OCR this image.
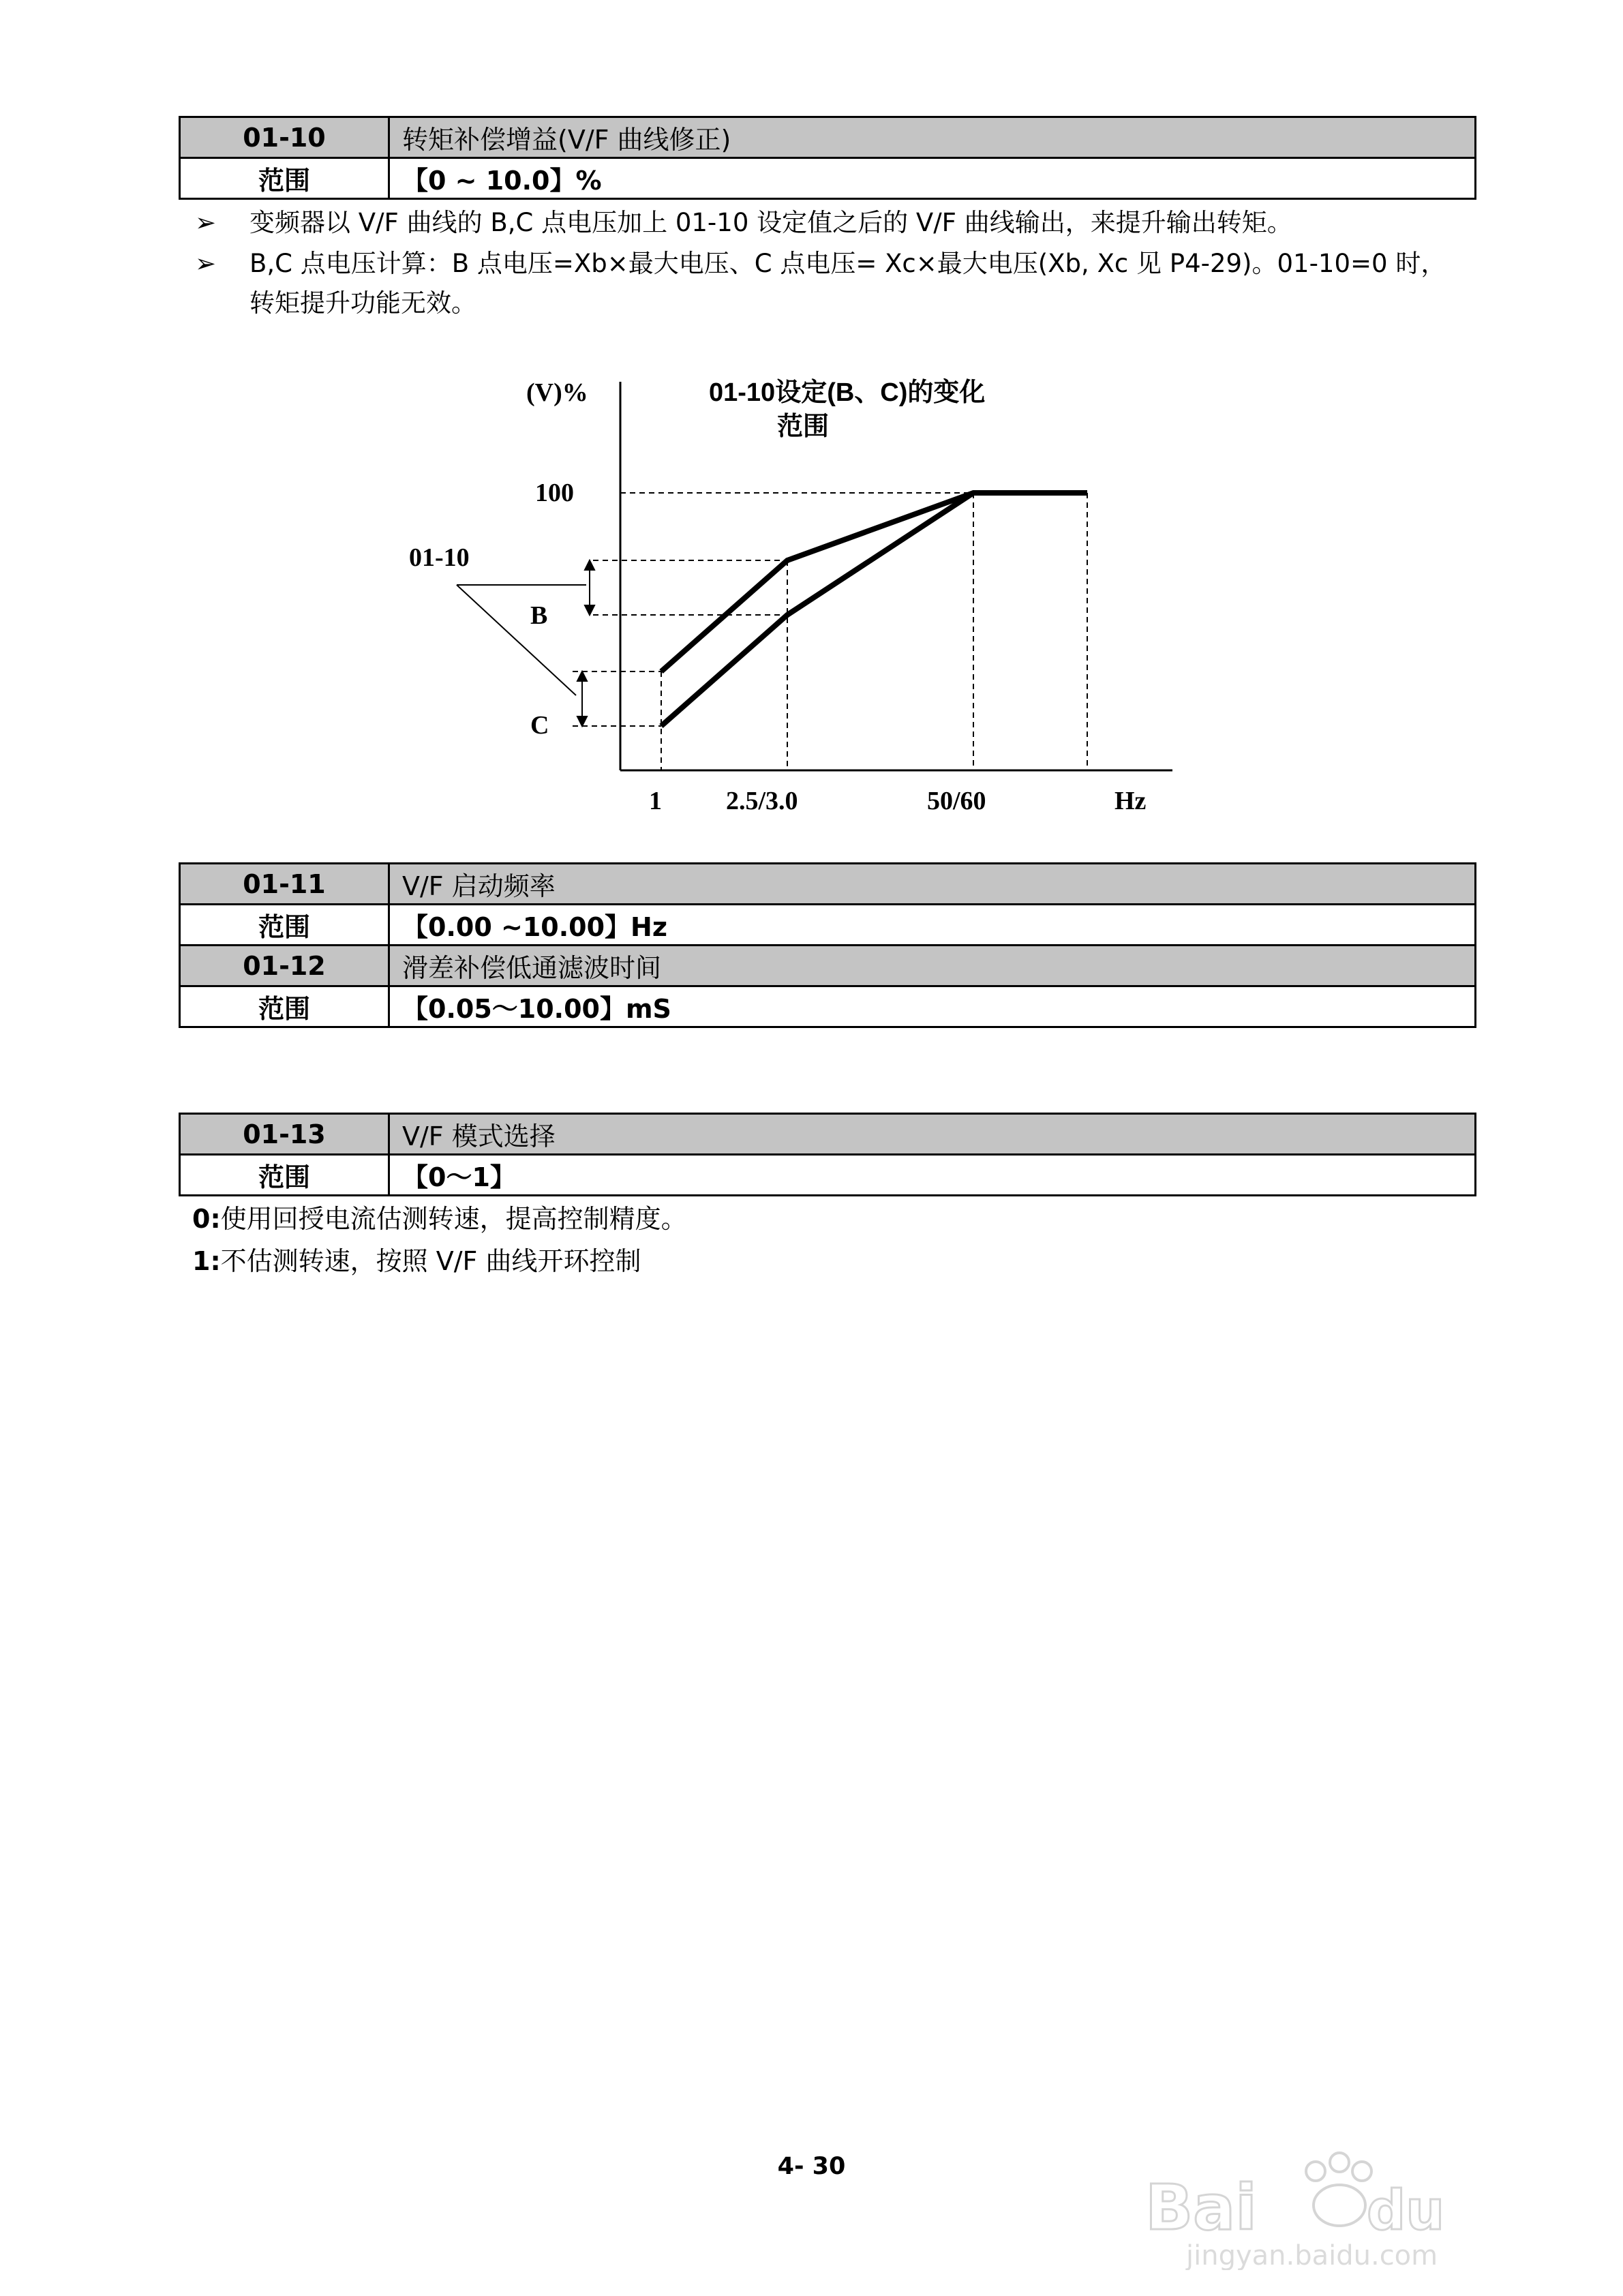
01-10	转矩补偿增益(V/F 曲线修正)
范围	【0 ~ 10.0】%
➢ 变频器以 V/F 曲线的 B,C 点电压加上 01-10 设定值之后的 V/F 曲线输出，来提升输出转矩。
➢ B,C 点电压计算：B 点电压=Xb×最大电压、C 点电压= Xc×最大电压(Xb, Xc 见 P4-29)。01-10=0 时，转矩提升功能无效。
(V)%	01-10设定(B、C)的变化
范围
100
01-10
B
C
1 2.5/3.0	50/60	Hz
01-11	V/F 启动频率
范围	【0.00 ~10.00】Hz
01-12	滑差补偿低通滤波时间
范围	【0.05～10.00】mS
01-13	V/F 模式选择
范围	【0～1】
0:使用回授电流估测转速，提高控制精度。
1:不估测转速，按照 V/F 曲线开环控制
Bai du
jingyan.baidu.com
4- 30
